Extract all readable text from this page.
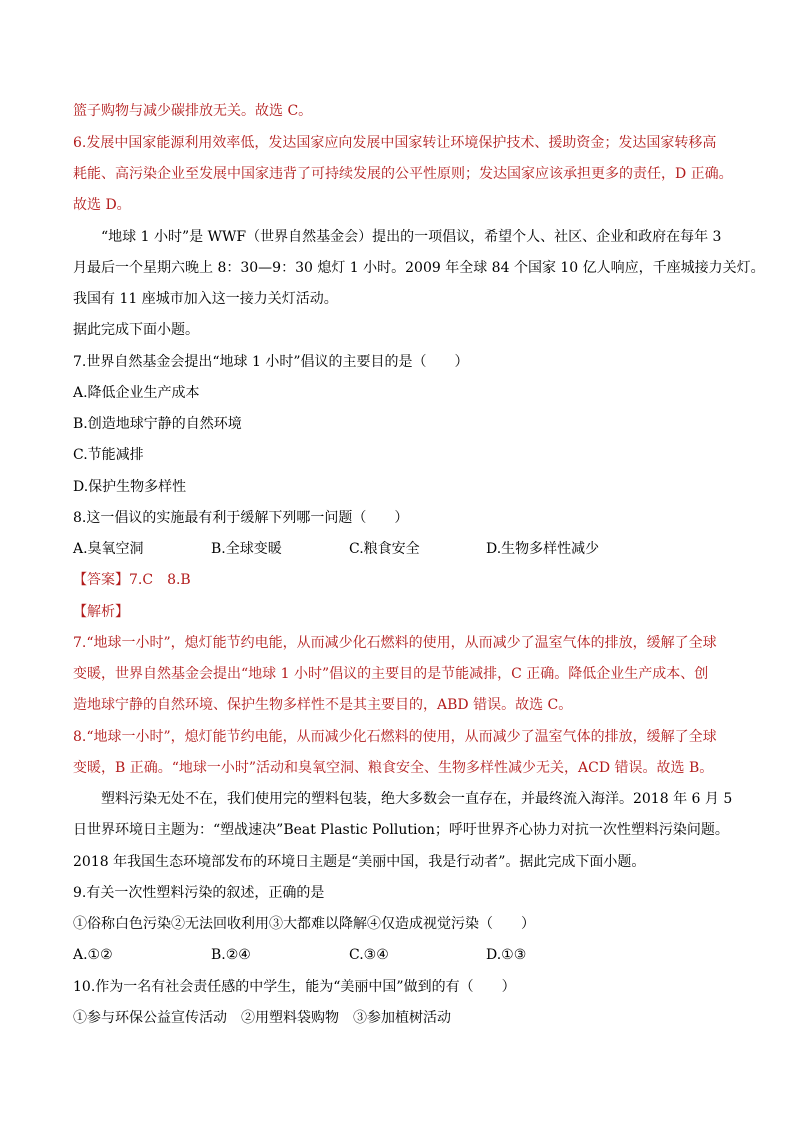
篮子购物与减少碳排放无关。故选 C。
6.发展中国家能源利用效率低，发达国家应向发展中国家转让环境保护技术、援助资金；发达国家转移高
耗能、高污染企业至发展中国家违背了可持续发展的公平性原则；发达国家应该承担更多的责任，D 正确。
故选 D。
“地球 1 小时”是 WWF（世界自然基金会）提出的一项倡议，希望个人、社区、企业和政府在每年 3
月最后一个星期六晚上 8：30—9：30 熄灯 1 小时。2009 年全球 84 个国家 10 亿人响应，千座城接力关灯。
我国有 11 座城市加入这一接力关灯活动。
据此完成下面小题。
7.世界自然基金会提出“地球 1 小时”倡议的主要目的是（　　）
A.降低企业生产成本
B.创造地球宁静的自然环境
C.节能减排
D.保护生物多样性
8.这一倡议的实施最有利于缓解下列哪一问题（　　）
A.臭氧空洞	B.全球变暖	C.粮食安全	D.生物多样性减少
【答案】7.C　8.B
【解析】
7.“地球一小时”，熄灯能节约电能，从而减少化石燃料的使用，从而减少了温室气体的排放，缓解了全球
变暖，世界自然基金会提出“地球 1 小时”倡议的主要目的是节能减排，C 正确。降低企业生产成本、创
造地球宁静的自然环境、保护生物多样性不是其主要目的，ABD 错误。故选 C。
8.“地球一小时”，熄灯能节约电能，从而减少化石燃料的使用，从而减少了温室气体的排放，缓解了全球
变暖，B 正确。“地球一小时”活动和臭氧空洞、粮食安全、生物多样性减少无关，ACD 错误。故选 B。
塑料污染无处不在，我们使用完的塑料包装，绝大多数会一直存在，并最终流入海洋。2018 年 6 月 5
日世界环境日主题为：“塑战速决”Beat Plastic Pollution；呼吁世界齐心协力对抗一次性塑料污染问题。
2018 年我国生态环境部发布的环境日主题是“美丽中国，我是行动者”。据此完成下面小题。
9.有关一次性塑料污染的叙述，正确的是
①俗称白色污染②无法回收利用③大都难以降解④仅造成视觉污染（　　）
A.①②	B.②④	C.③④	D.①③
10.作为一名有社会责任感的中学生，能为“美丽中国”做到的有（　　）
①参与环保公益宣传活动　②用塑料袋购物　③参加植树活动
